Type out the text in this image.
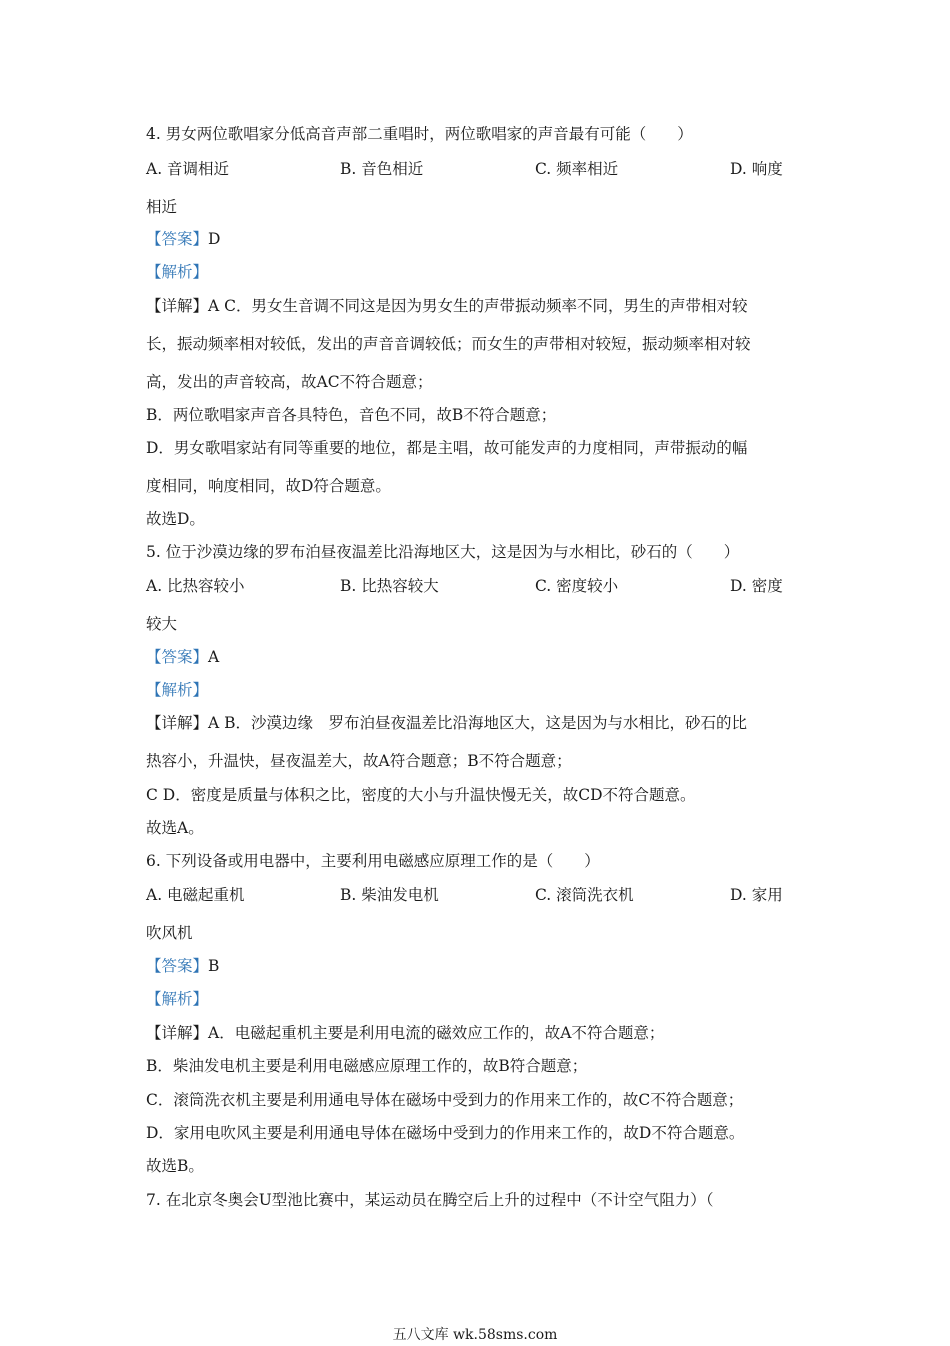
4. 男女两位歌唱家分低高音声部二重唱时，两位歌唱家的声音最有可能（　　）
A. 音调相近	B. 音色相近	C. 频率相近	D. 响度
相近
【答案】D
【解析】
【详解】A C．男女生音调不同这是因为男女生的声带振动频率不同，男生的声带相对较
长，振动频率相对较低，发出的声音音调较低；而女生的声带相对较短，振动频率相对较
高，发出的声音较高，故AC不符合题意；
B．两位歌唱家声音各具特色，音色不同，故B不符合题意；
D．男女歌唱家站有同等重要的地位，都是主唱，故可能发声的力度相同，声带振动的幅
度相同，响度相同，故D符合题意。
故选D。
5. 位于沙漠边缘的罗布泊昼夜温差比沿海地区大，这是因为与水相比，砂石的（　　）
A. 比热容较小	B. 比热容较大	C. 密度较小	D. 密度
较大
【答案】A
【解析】
【详解】A B．沙漠边缘　罗布泊昼夜温差比沿海地区大，这是因为与水相比，砂石的比
热容小，升温快，昼夜温差大，故A符合题意；B不符合题意；
C D．密度是质量与体积之比，密度的大小与升温快慢无关，故CD不符合题意。
故选A。
6. 下列设备或用电器中，主要利用电磁感应原理工作的是（　　）
A. 电磁起重机	B. 柴油发电机	C. 滚筒洗衣机	D. 家用
吹风机
【答案】B
【解析】
【详解】A．电磁起重机主要是利用电流的磁效应工作的，故A不符合题意；
B．柴油发电机主要是利用电磁感应原理工作的，故B符合题意；
C．滚筒洗衣机主要是利用通电导体在磁场中受到力的作用来工作的，故C不符合题意；
D．家用电吹风主要是利用通电导体在磁场中受到力的作用来工作的，故D不符合题意。
故选B。
7. 在北京冬奥会U型池比赛中，某运动员在腾空后上升的过程中（不计空气阻力）（
五八文库 wk.58sms.com
